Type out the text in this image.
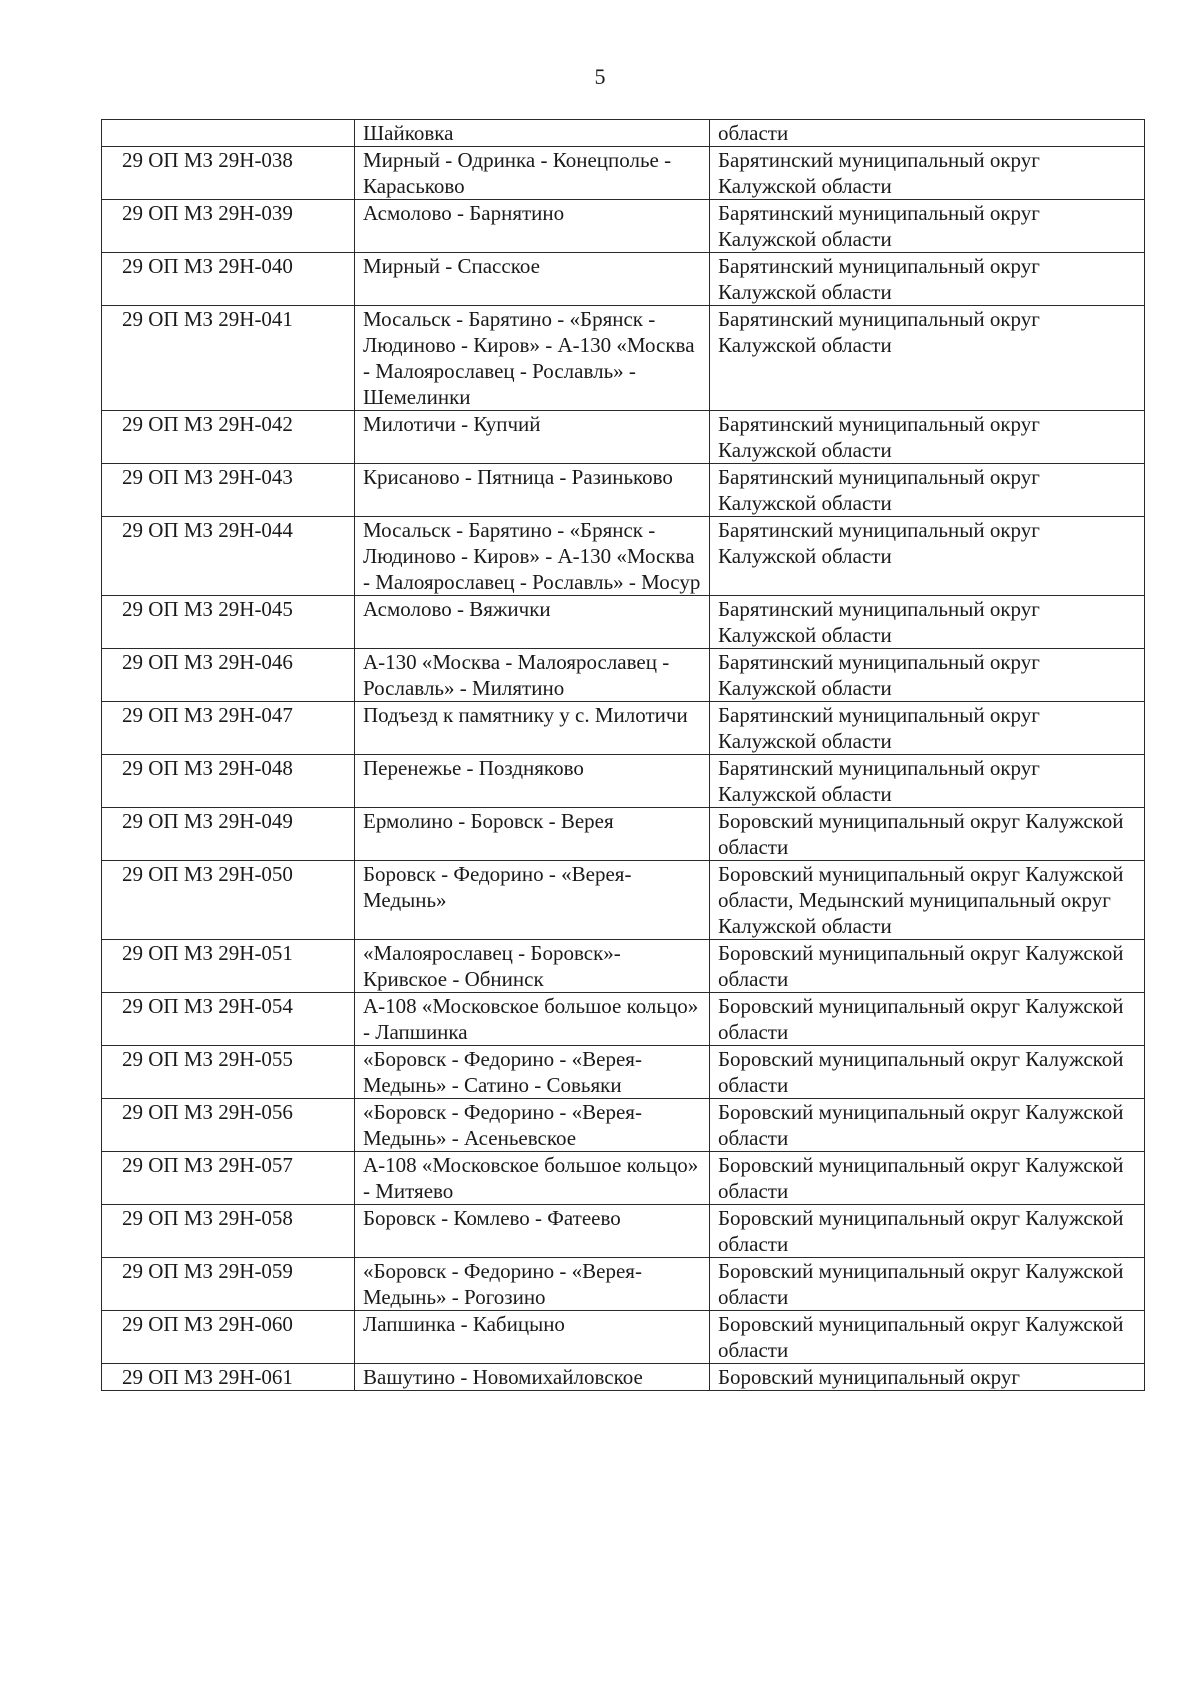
5
	Шайковка	области
29 ОП МЗ 29Н-038	Мирный - Одринка - Конецполье - Караськово	Барятинский муниципальный округ Калужской области
29 ОП МЗ 29Н-039	Асмолово - Барнятино	Барятинский муниципальный округ Калужской области
29 ОП МЗ 29Н-040	Мирный - Спасское	Барятинский муниципальный округ Калужской области
29 ОП МЗ 29Н-041	Мосальск - Барятино - «Брянск - Людиново - Киров» - А-130 «Москва - Малоярославец - Рославль» - Шемелинки	Барятинский муниципальный округ Калужской области
29 ОП МЗ 29Н-042	Милотичи - Купчий	Барятинский муниципальный округ Калужской области
29 ОП МЗ 29Н-043	Крисаново - Пятница - Разиньково	Барятинский муниципальный округ Калужской области
29 ОП МЗ 29Н-044	Мосальск - Барятино - «Брянск - Людиново - Киров» - А-130 «Москва - Малоярославец - Рославль» - Мосур	Барятинский муниципальный округ Калужской области
29 ОП МЗ 29Н-045	Асмолово - Вяжички	Барятинский муниципальный округ Калужской области
29 ОП МЗ 29Н-046	А-130 «Москва - Малоярославец - Рославль» - Милятино	Барятинский муниципальный округ Калужской области
29 ОП МЗ 29Н-047	Подъезд к памятнику у с. Милотичи	Барятинский муниципальный округ Калужской области
29 ОП МЗ 29Н-048	Перенежье - Поздняково	Барятинский муниципальный округ Калужской области
29 ОП МЗ 29Н-049	Ермолино - Боровск - Верея	Боровский муниципальный округ Калужской области
29 ОП МЗ 29Н-050	Боровск - Федорино - «Верея-Медынь»	Боровский муниципальный округ Калужской области, Медынский муниципальный округ Калужской области
29 ОП МЗ 29Н-051	«Малоярославец - Боровск»-Кривское - Обнинск	Боровский муниципальный округ Калужской области
29 ОП МЗ 29Н-054	А-108 «Московское большое кольцо» - Лапшинка	Боровский муниципальный округ Калужской области
29 ОП МЗ 29Н-055	«Боровск - Федорино - «Верея-Медынь» - Сатино - Совьяки	Боровский муниципальный округ Калужской области
29 ОП МЗ 29Н-056	«Боровск - Федорино - «Верея-Медынь» - Асеньевское	Боровский муниципальный округ Калужской области
29 ОП МЗ 29Н-057	А-108 «Московское большое кольцо» - Митяево	Боровский муниципальный округ Калужской области
29 ОП МЗ 29Н-058	Боровск - Комлево - Фатеево	Боровский муниципальный округ Калужской области
29 ОП МЗ 29Н-059	«Боровск - Федорино - «Верея-Медынь» - Рогозино	Боровский муниципальный округ Калужской области
29 ОП МЗ 29Н-060	Лапшинка - Кабицыно	Боровский муниципальный округ Калужской области
29 ОП МЗ 29Н-061	Вашутино - Новомихайловское	Боровский муниципальный округ
